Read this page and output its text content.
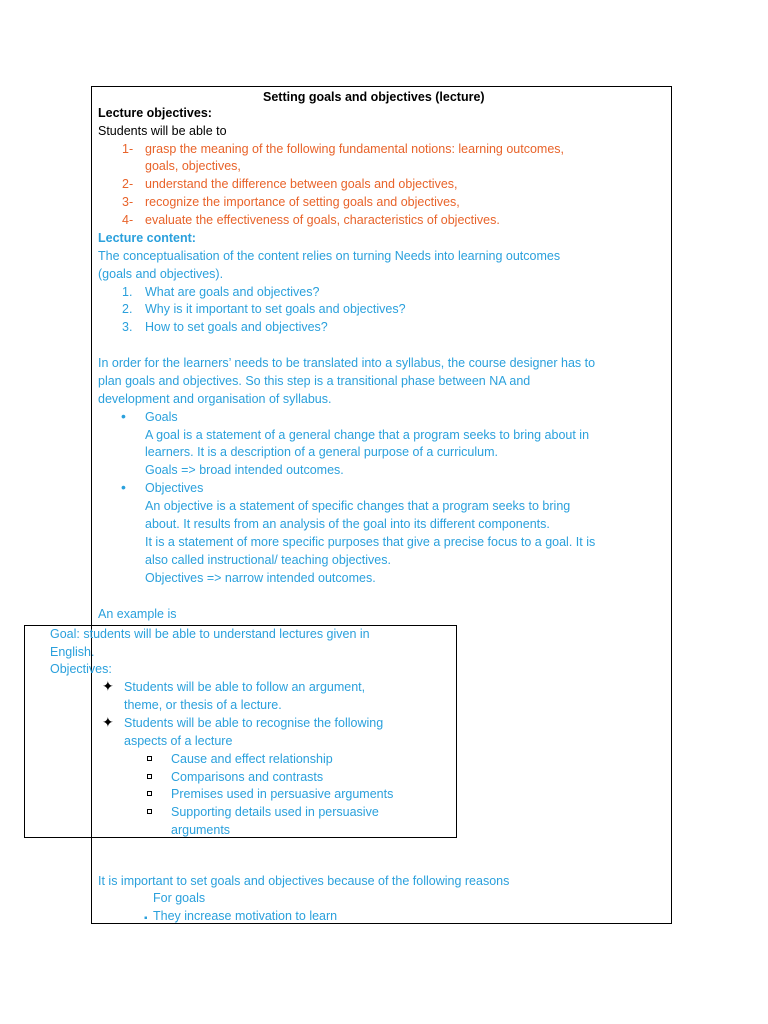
Setting goals and objectives (lecture)
Lecture objectives:
Students will be able to
1- grasp the meaning of the following fundamental notions: learning outcomes,
goals, objectives,
2- understand the difference between goals and objectives,
3- recognize the importance of setting goals and objectives,
4- evaluate the effectiveness of goals, characteristics of objectives.
Lecture content:
The conceptualisation of the content relies on turning Needs into learning outcomes
(goals and objectives).
1. What are goals and objectives?
2. Why is it important to set goals and objectives?
3. How to set goals and objectives?
In order for the learners’ needs to be translated into a syllabus, the course designer has to
plan goals and objectives. So this step is a transitional phase between NA and
development and organisation of syllabus.
• Goals
A goal is a statement of a general change that a program seeks to bring about in
learners. It is a description of a general purpose of a curriculum.
Goals => broad intended outcomes.
• Objectives
An objective is a statement of specific changes that a program seeks to bring
about. It results from an analysis of the goal into its different components.
It is a statement of more specific purposes that give a precise focus to a goal. It is
also called instructional/ teaching objectives.
Objectives => narrow intended outcomes.
An example is
Goal: students will be able to understand lectures given in
English.
Objectives:
✦ Students will be able to follow an argument,
theme, or thesis of a lecture.
✦ Students will be able to recognise the following
aspects of a lecture
Cause and effect relationship
Comparisons and contrasts
Premises used in persuasive arguments
Supporting details used in persuasive
arguments
It is important to set goals and objectives because of the following reasons
For goals
▪ They increase motivation to learn
